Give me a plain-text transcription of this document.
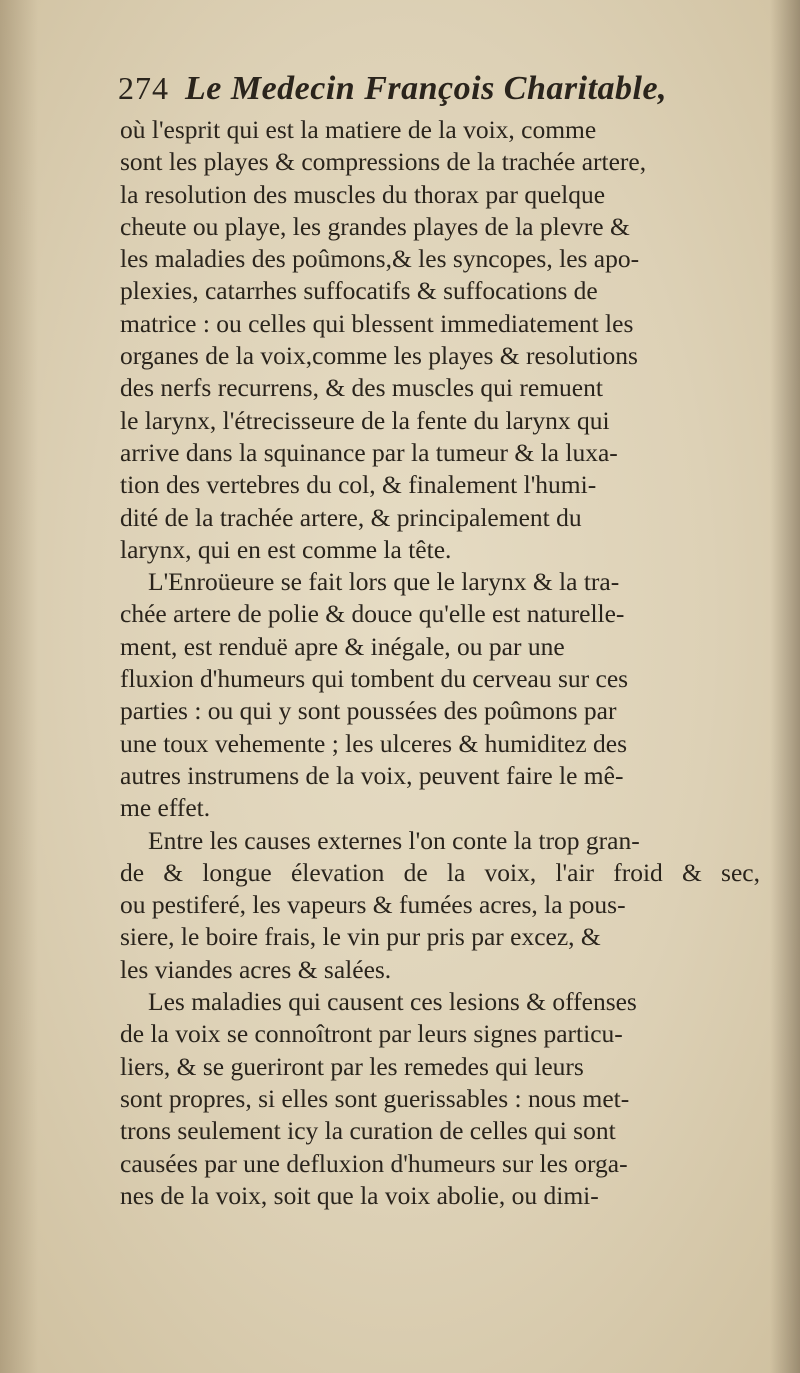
274 Le Medecin François Charitable,
où l'esprit qui est la matiere de la voix, comme
sont les playes & compressions de la trachée artere,
la resolution des muscles du thorax par quelque
cheute ou playe, les grandes playes de la plevre &
les maladies des poûmons,& les syncopes, les apo-
plexies, catarrhes suffocatifs & suffocations de
matrice : ou celles qui blessent immediatement les
organes de la voix,comme les playes & resolutions
des nerfs recurrens, & des muscles qui remuent
le larynx, l'étrecisseure de la fente du larynx qui
arrive dans la squinance par la tumeur & la luxa-
tion des vertebres du col, & finalement l'humi-
dité de la trachée artere, & principalement du
larynx, qui en est comme la tête.
L'Enroüeure se fait lors que le larynx & la tra-
chée artere de polie & douce qu'elle est naturelle-
ment, est renduë apre & inégale, ou par une
fluxion d'humeurs qui tombent du cerveau sur ces
parties : ou qui y sont poussées des poûmons par
une toux vehemente ; les ulceres & humiditez des
autres instrumens de la voix, peuvent faire le mê-
me effet.
Entre les causes externes l'on conte la trop gran-
de & longue élevation de la voix, l'air froid & sec,
ou pestiferé, les vapeurs & fumées acres, la pous-
siere, le boire frais, le vin pur pris par excez, &
les viandes acres & salées.
Les maladies qui causent ces lesions & offenses
de la voix se connoîtront par leurs signes particu-
liers, & se gueriront par les remedes qui leurs
sont propres, si elles sont guerissables : nous met-
trons seulement icy la curation de celles qui sont
causées par une defluxion d'humeurs sur les orga-
nes de la voix, soit que la voix abolie, ou dimi-
